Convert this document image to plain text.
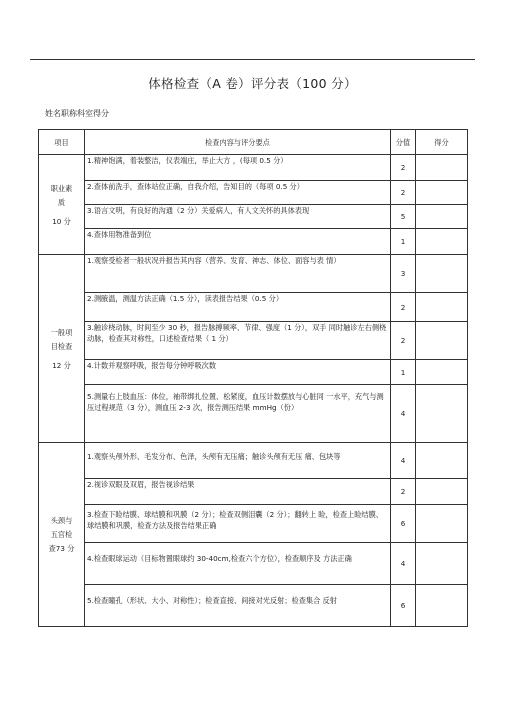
体格检查（A 卷）评分表（100 分）
姓名职称科室得分
项目	检查内容与评分要点	分值	得分

职业素
质
10 分	1.精神饱满，着装整洁，仪表端庄，举止大方 ，(每项 0.5 分）	2	
	2.查体前洗手，查体站位正确，自我介绍，告知目的（每项 0.5 分）	2	
	3.语言文明，有良好的沟通（2 分）关爱病人，有人文关怀的具体表现	5	
	4.查体用物准备到位	1	

一般项
目检查
12 分	1.观察受检者一般状况并报告其内容（营养、发育、神志、体位、面容与表 情）	3	
	2.测腋温，测温方法正确（1.5 分），读表报告结果（0.5 分）	2	
	3.触诊桡动脉，时间至少 30 秒，报告脉搏频率、节律、强度（1 分），双手 同时触诊左右侧桡动脉，检查其对称性，口述检查结果（ 1 分）	2	
	4.计数并观察呼吸，报告每分钟呼吸次数	1	
	5.测量右上肢血压：体位，袖带绑扎位置、松紧度，血压计数摆放与心脏同 一水平，充气与测压过程规范（3 分），测血压 2-3 次，报告测压结果 mmHg（份）	4	

头颈与
五官检
查73 分	1.观察头颅外形、毛发分布、色泽，头颅有无压痛；触诊头颅有无压 痛、包块等	4	
	2.视诊双眼及双眉，报告视诊结果	2	
	3.检查下睑结膜、球结膜和巩膜（2 分）；检查双侧泪囊（2 分）；翻转上 睑，检查上睑结膜、球结膜和巩膜，检查方法及报告结果正确	6	
	4.检查眼球运动（目标物置眼球约 30-40cm,检查六个方位），检查顺序及 方法正确	4	
	5.检查瞳孔（形状、大小、对称性）；检查直接、间接对光反射；检查集合 反射	6	
